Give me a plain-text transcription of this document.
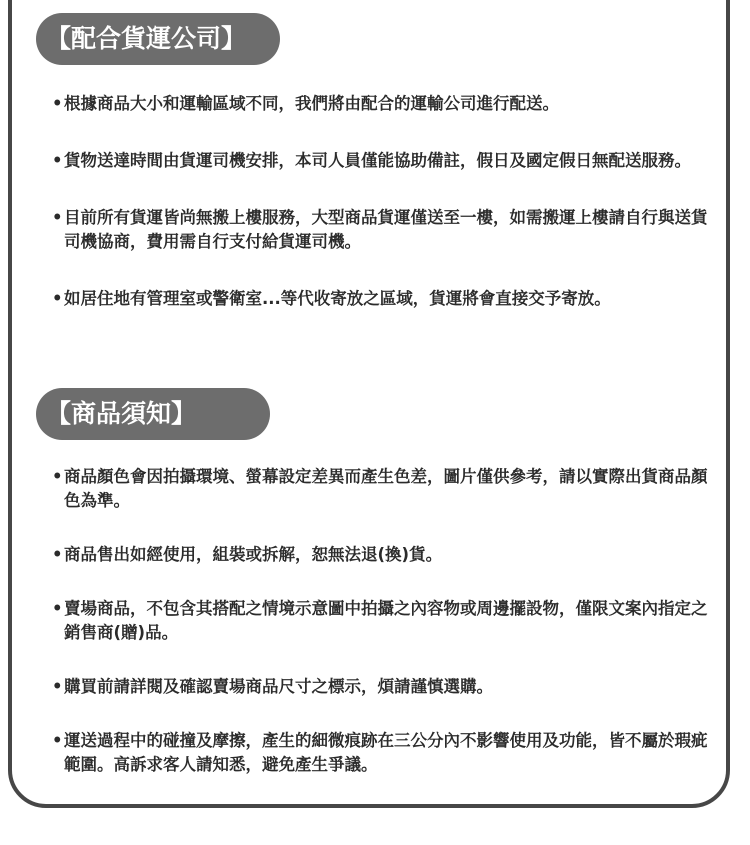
【配合貨運公司】
• 根據商品大小和運輸區域不同，我們將由配合的運輸公司進行配送。
• 貨物送達時間由貨運司機安排，本司人員僅能協助備註，假日及國定假日無配送服務。
• 目前所有貨運皆尚無搬上樓服務，大型商品貨運僅送至一樓，如需搬運上樓請自行與送貨司機協商，費用需自行支付給貨運司機。
• 如居住地有管理室或警衛室...等代收寄放之區域，貨運將會直接交予寄放。
【商品須知】
• 商品顏色會因拍攝環境、螢幕設定差異而產生色差，圖片僅供參考，請以實際出貨商品顏色為準。
• 商品售出如經使用，組裝或拆解，恕無法退(換)貨。
• 賣場商品，不包含其搭配之情境示意圖中拍攝之內容物或周邊擺設物，僅限文案內指定之銷售商(贈)品。
• 購買前請詳閱及確認賣場商品尺寸之標示，煩請謹慎選購。
• 運送過程中的碰撞及摩擦，產生的細微痕跡在三公分內不影響使用及功能，皆不屬於瑕疵範圍。高訴求客人請知悉，避免產生爭議。
